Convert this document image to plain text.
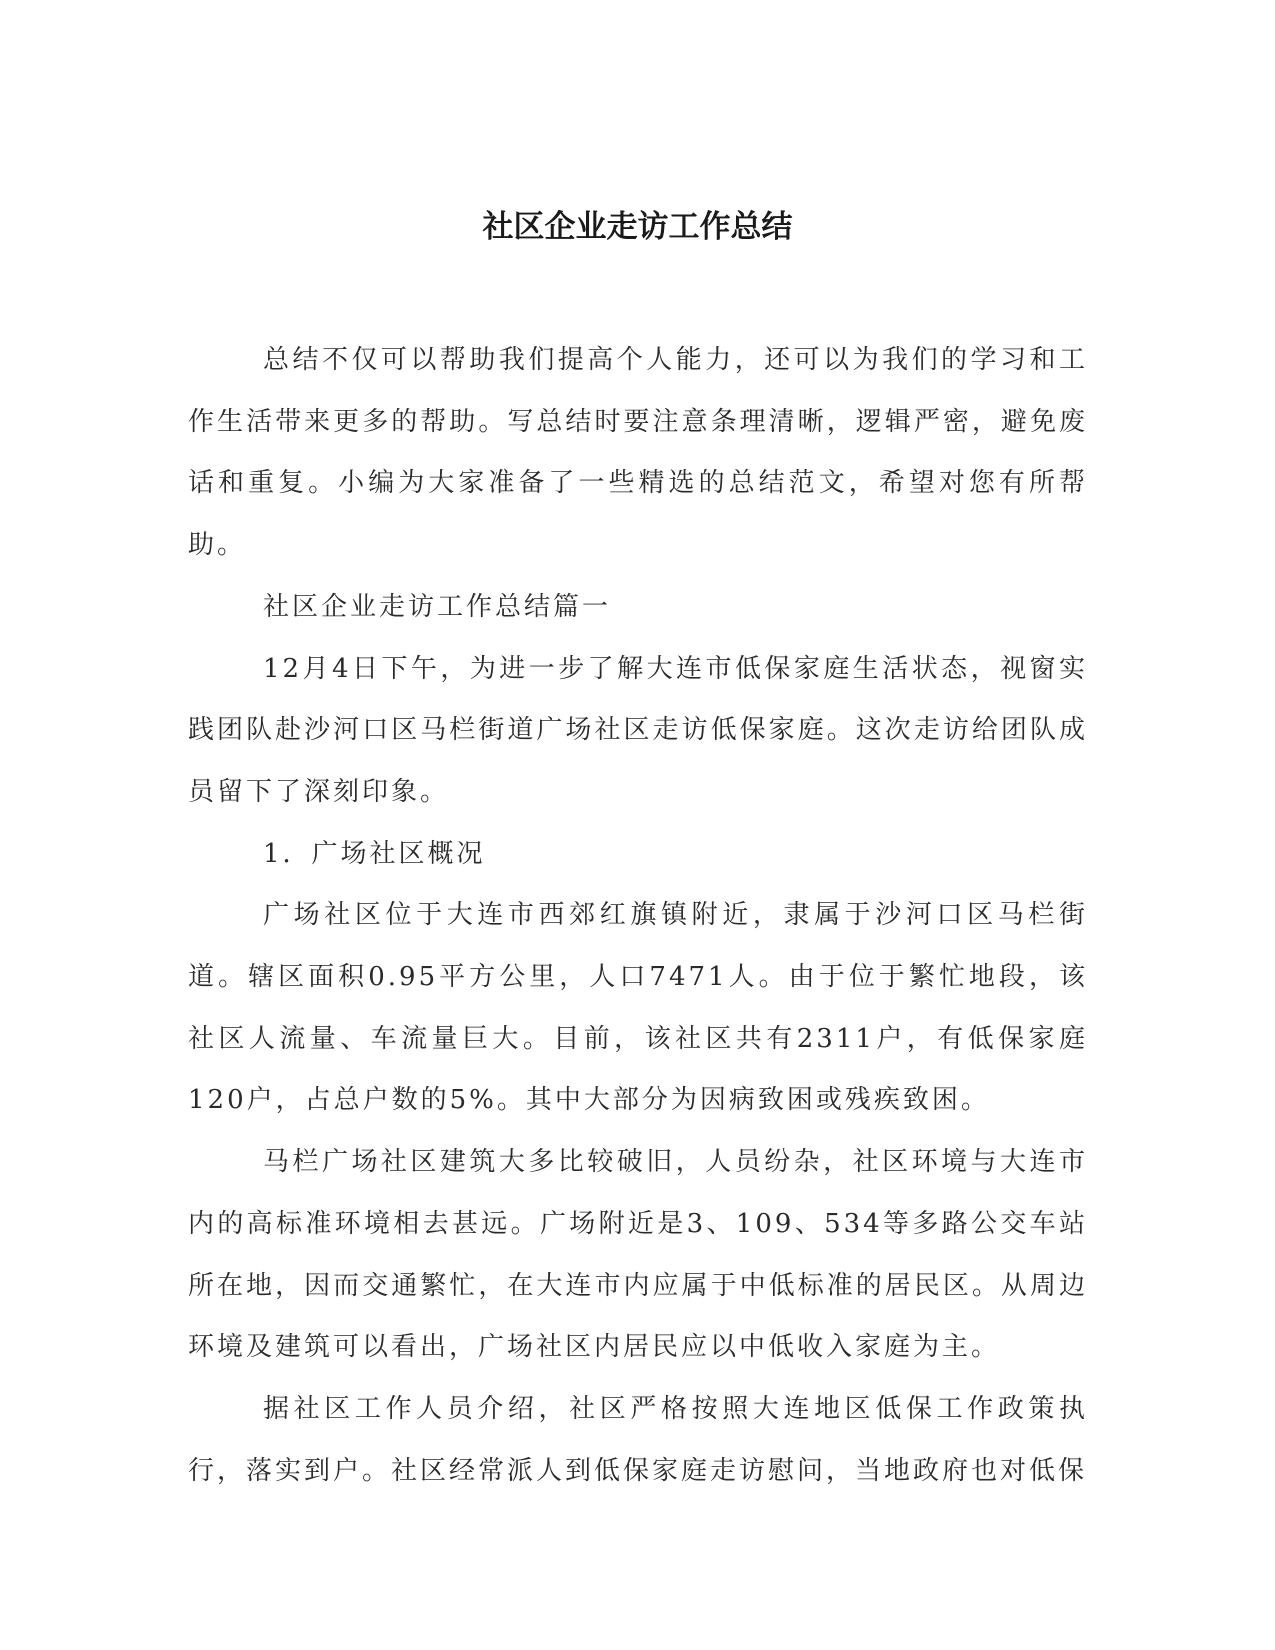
社区企业走访工作总结

总结不仅可以帮助我们提高个人能力，还可以为我们的学习和工作生活带来更多的帮助。写总结时要注意条理清晰，逻辑严密，避免废话和重复。小编为大家准备了一些精选的总结范文，希望对您有所帮助。

社区企业走访工作总结篇一

12月4日下午，为进一步了解大连市低保家庭生活状态，视窗实践团队赴沙河口区马栏街道广场社区走访低保家庭。这次走访给团队成员留下了深刻印象。

1．广场社区概况

广场社区位于大连市西郊红旗镇附近，隶属于沙河口区马栏街道。辖区面积0.95平方公里，人口7471人。由于位于繁忙地段，该社区人流量、车流量巨大。目前，该社区共有2311户，有低保家庭120户，占总户数的5%。其中大部分为因病致困或残疾致困。

马栏广场社区建筑大多比较破旧，人员纷杂，社区环境与大连市内的高标准环境相去甚远。广场附近是3、109、534等多路公交车站所在地，因而交通繁忙，在大连市内应属于中低标准的居民区。从周边环境及建筑可以看出，广场社区内居民应以中低收入家庭为主。

据社区工作人员介绍，社区严格按照大连地区低保工作政策执行，落实到户。社区经常派人到低保家庭走访慰问，当地政府也对低保
